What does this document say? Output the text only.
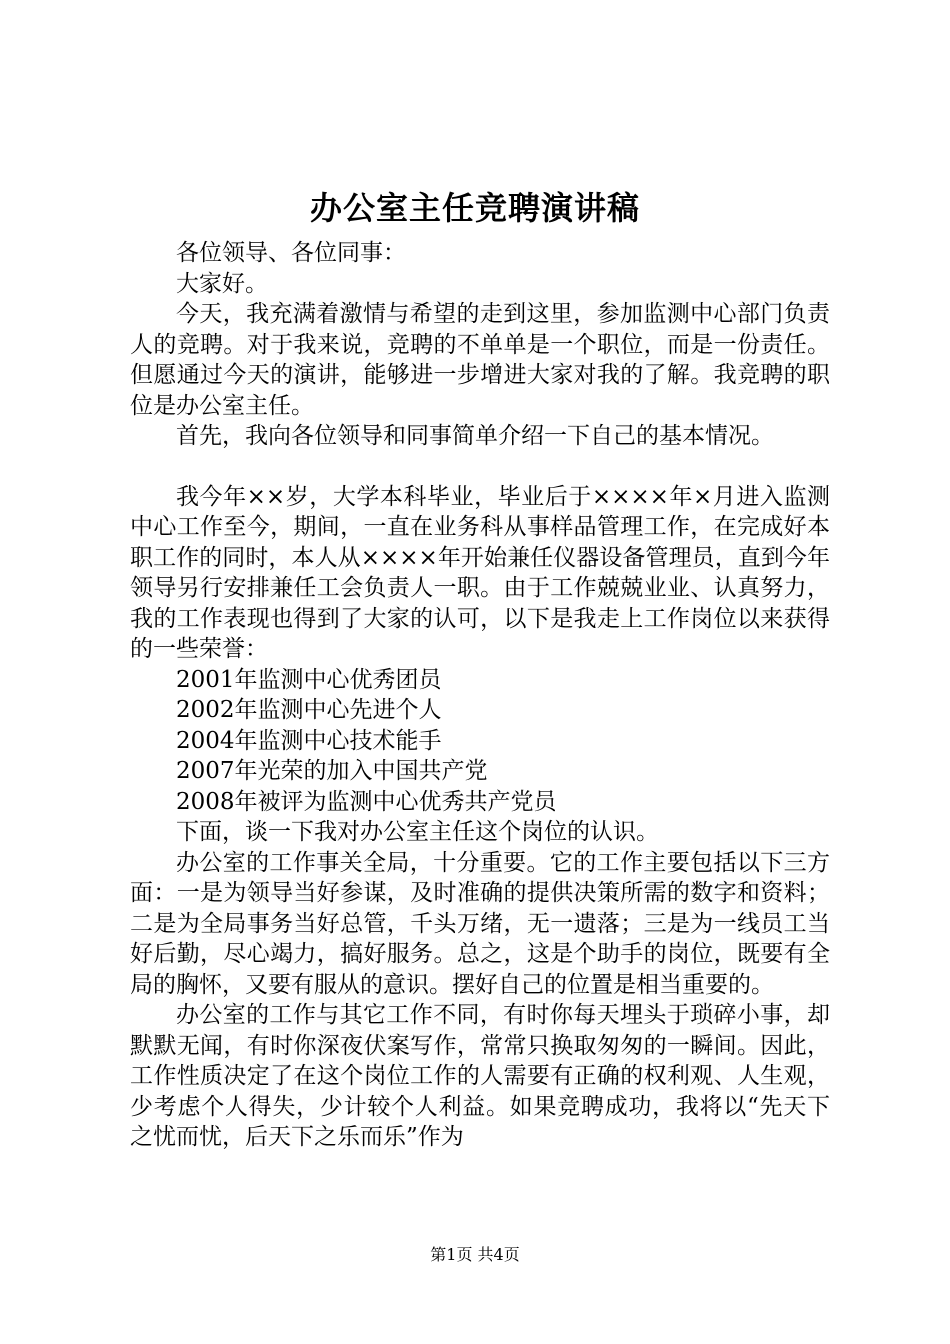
办公室主任竞聘演讲稿

各位领导、各位同事：

大家好。

今天，我充满着激情与希望的走到这里，参加监测中心部门负责人的竞聘。对于我来说，竞聘的不单单是一个职位，而是一份责任。但愿通过今天的演讲，能够进一步增进大家对我的了解。我竞聘的职位是办公室主任。

首先，我向各位领导和同事简单介绍一下自己的基本情况。

我今年××岁，大学本科毕业，毕业后于××××年×月进入监测中心工作至今，期间，一直在业务科从事样品管理工作，在完成好本职工作的同时，本人从××××年开始兼任仪器设备管理员，直到今年领导另行安排兼任工会负责人一职。由于工作兢兢业业、认真努力，我的工作表现也得到了大家的认可，以下是我走上工作岗位以来获得的一些荣誉：

2001年监测中心优秀团员

2002年监测中心先进个人

2004年监测中心技术能手

2007年光荣的加入中国共产党

2008年被评为监测中心优秀共产党员

下面，谈一下我对办公室主任这个岗位的认识。

办公室的工作事关全局，十分重要。它的工作主要包括以下三方面：一是为领导当好参谋，及时准确的提供决策所需的数字和资料；二是为全局事务当好总管，千头万绪，无一遗落；三是为一线员工当好后勤，尽心竭力，搞好服务。总之，这是个助手的岗位，既要有全局的胸怀，又要有服从的意识。摆好自己的位置是相当重要的。

办公室的工作与其它工作不同，有时你每天埋头于琐碎小事，却默默无闻，有时你深夜伏案写作，常常只换取匆匆的一瞬间。因此，工作性质决定了在这个岗位工作的人需要有正确的权利观、人生观，少考虑个人得失，少计较个人利益。如果竞聘成功，我将以“先天下之忧而忧，后天下之乐而乐”作为

第1页 共4页
